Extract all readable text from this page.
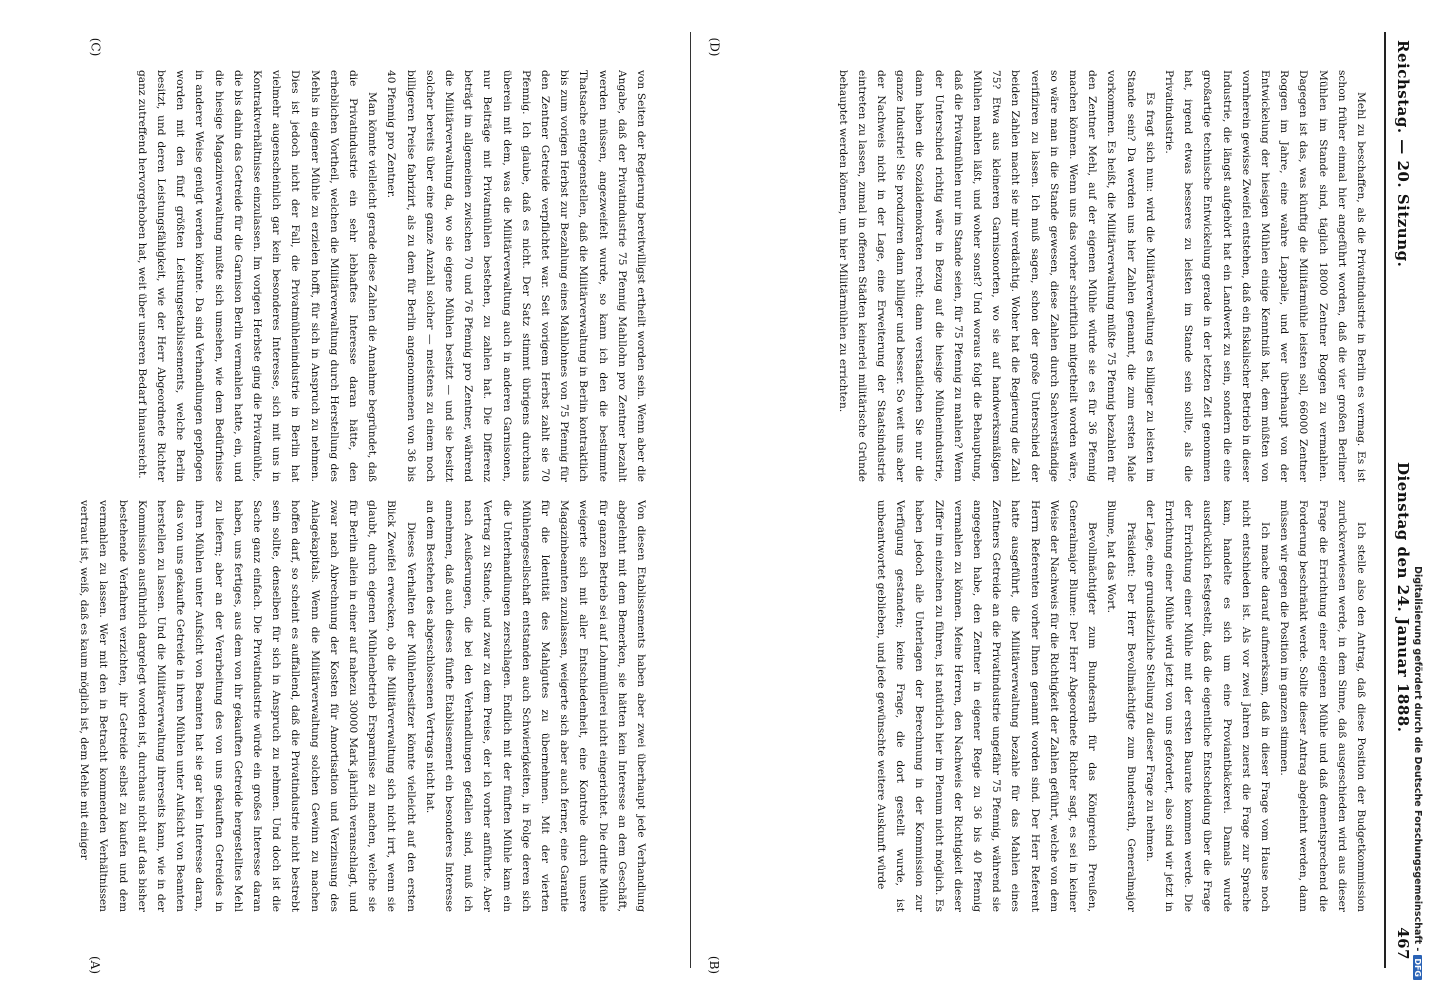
Reichstag. — 20. Sitzung.
Dienstag den 24. Januar 1888.
467

Mehl zu beschaffen, als die Privatindustrie in Berlin es vermag. Es ist schon früher einmal hier angeführt worden, daß die vier großen Berliner Mühlen im Stande sind, täglich 18000 Zentner Roggen zu vermahlen. Dagegen ist das, was künftig die Militärmühle leisten soll, 66000 Zentner Roggen im Jahre, eine wahre Lappalie, und wer überhaupt von der Entwickelung der hiesigen Mühlen einige Kenntniß hat, dem müßten von vornherein gewisse Zweifel entstehen, daß ein fiskalischer Betrieb in dieser Industrie, die längst aufgehört hat ein Landwerk zu sein, sondern die eine großartige technische Entwickelung gerade in der letzten Zeit genommen hat, irgend etwas besseres zu leisten im Stande sein sollte, als die Privatindustrie.

Es fragt sich nun: wird die Militärverwaltung es billiger zu leisten im Stande sein? Da werden uns hier Zahlen genannt, die zum ersten Male vorkommen. Es heißt, die Militärverwaltung müßte 75 Pfennig bezahlen für den Zentner Mehl, auf der eigenen Mühle würde sie es für 36 Pfennig machen können. Wenn uns das vorher schriftlich mitgetheilt worden wäre, so wäre man in die Stande gewesen, diese Zahlen durch Sachverständige verifiziren zu lassen. Ich muß sagen, schon der große Unterschied der beiden Zahlen macht sie mir verdächtig. Woher hat die Regierung die Zahl 75? Etwa aus kleineren Garnisonorten, wo sie auf handwerksmäßigen Mühlen mahlen läßt, und woher sonst? Und woraus folgt die Behauptung, daß die Privatmühlen nur im Stande seien, für 75 Pfennig zu mahlen? Wenn der Unterschied richtig wäre in Bezug auf die hiesige Mühlenindustrie, dann haben die Sozialdemokraten recht: dann verstaatlichen Sie nur die ganze Industrie! Sie produziren dann billiger und besser. So weit uns aber der Nachweis nicht in der Lage, eine Erweiterung der Staatsindustrie eintreten zu lassen, zumal in offenen Städten keinerlei militärische Gründe behauptet werden können, um hier Militärmühlen zu errichten.

Ich stelle also den Antrag, daß diese Position der Budgetkommission zurückverwiesen werde, in dem Sinne, daß ausgeschieden wird aus dieser Frage die Errichtung einer eigenen Mühle und daß dementsprechend die Forderung beschränkt werde. Sollte dieser Antrag abgelehnt werden, dann müssen wir gegen die Position im ganzen stimmen.

Ich mache darauf aufmerksam, daß in dieser Frage vom Hause noch nicht entschieden ist. Als vor zwei Jahren zuerst die Frage zur Sprache kam, handelte es sich um eine Proviantbäckerei. Damals wurde ausdrücklich festgestellt, daß die eigentliche Entscheidung über die Frage der Errichtung einer Mühle mit der ersten Baurate kommen werde. Die Errichtung einer Mühle wird jetzt von uns gefordert, also sind wir jetzt in der Lage, eine grundsätzliche Stellung zu dieser Frage zu nehmen.

Präsident: Der Herr Bevollmächtigte zum Bundesrath, Generalmajor Blume, hat das Wort.

Bevollmächtigter zum Bundesrath für das Königreich Preußen, Generalmajor Blume: Der Herr Abgeordnete Richter sagt, es sei in keiner Weise der Nachweis für die Richtigkeit der Zahlen geführt, welche von dem Herrn Referenten vorher Ihnen genannt worden sind. Der Herr Referent hatte ausgeführt, die Militärverwaltung bezahle für das Mahlen eines Zentners Getreide an die Privatindustrie ungefähr 75 Pfennig, während sie angegeben habe, den Zentner in eigener Regie zu 36 bis 40 Pfennig vermahlen zu können. Meine Herren, den Nachweis der Richtigkeit dieser Ziffer im einzelnen zu führen, ist natürlich hier im Plenum nicht möglich. Es haben jedoch alle Unterlagen der Berechnung in der Kommission zur Verfügung gestanden; keine Frage, die dort gestellt wurde, ist unbeantwortet geblieben, und jede gewünschte weitere Auskunft würde

von Seiten der Regierung bereitwilligst ertheilt worden sein. Wenn aber die Angabe, daß der Privatindustrie 75 Pfennig Mahllohn pro Zentner bezahlt werden müssen, angezweifelt wurde, so kann ich den die bestimmte Thatsache entgegenstellen, daß die Militärverwaltung in Berlin kontraktlich bis zum vorigen Herbst zur Bezahlung eines Mahllohnes von 75 Pfennig für den Zentner Getreide verpflichtet war. Seit vorigem Herbst zahlt sie 70 Pfennig. Ich glaube, daß es nicht. Der Satz stimmt übrigens durchaus überein mit dem, was die Militärverwaltung auch in anderen Garnisonen, nur Beiträge mit Privatmühlen bestehen, zu zahlen hat. Die Differenz beträgt im allgemeinen zwischen 70 und 76 Pfennig pro Zentner, während die Militärverwaltung da, wo sie eigene Mühlen besitzt — und sie besitzt solcher bereits über eine ganze Anzahl solcher — meistens zu einem noch billigeren Preise fabrizirt, als zu dem für Berlin angenommenen von 36 bis 40 Pfennig pro Zentner.

Man könnte vielleicht gerade diese Zahlen die Annahme begründet, daß die Privatindustrie ein sehr lebhaftes Interesse daran hätte, den erheblichen Vortheil, welchen die Militärverwaltung durch Herstellung des Mehls in eigener Mühle zu erzielen hofft, für sich in Anspruch zu nehmen. Dies ist jedoch nicht der Fall, die Privatmühlenindustrie in Berlin hat vielmehr augenscheinlich gar kein besonderes Interesse, sich mit uns in Kontraktverhältnisse einzulassen. Im vorigen Herbste ging die Privatmühle, die bis dahin das Getreide für die Garnison Berlin vermahlen hatte, ein, und die hiesige Magazinverwaltung mußte sich umsehen, wie dem Bedürfnisse in anderer Weise genügt werden könnte. Da sind Verhandlungen gepflogen worden mit den fünf größten Leistungsetablissements, welche Berlin besitzt, und deren Leistungsfähigkeit, wie der Herr Abgeordnete Richter ganz zutreffend hervorgehoben hat, weit über unseren Bedarf hinausreicht.

Von diesen Etablissements haben aber zwei überhaupt jede Verhandlung abgelehnt mit dem Bemerken, sie hätten kein Interesse an dem Geschäft, für ganzen Betrieb sei auf Lohnmüllerei nicht eingerichtet. Die dritte Mühle weigerte sich mit aller Entschiedenheit, eine Kontrole durch unsere Magazinbeamten zuzulassen, weigerte sich aber auch ferner, eine Garantie für die Identität des Mahlgutes zu übernehmen. Mit der vierten Mühlengesellschaft entstanden auch Schwierigkeiten, in Folge deren sich die Unterhandlungen zerschlagen. Endlich mit der fünften Mühle kam ein Vertrag zu Stande, und zwar zu dem Preise, der ich vorher anführte. Aber nach Aeußerungen, die bei den Verhandlungen gefallen sind, muß ich annehmen, daß auch dieses fünfte Etablissement ein besonderes Interesse an dem Bestehen des abgeschlossenen Vertrags nicht hat.

Dieses Verhalten der Mühlenbesitzer könnte vielleicht auf den ersten Blick Zweifel erwecken, ob die Militärverwaltung sich nicht irrt, wenn sie glaubt, durch eigenen Mühlenbetrieb Ersparnisse zu machen, welche sie für Berlin allein in einer auf nahezu 30000 Mark jährlich veranschlagt, und zwar nach Abrechnung der Kosten für Amortisation und Verzinsung des Anlagekapitals. Wenn die Militärverwaltung solchen Gewinn zu machen hoffen darf, so scheint es auffallend, daß die Privatindustrie nicht bestrebt sein sollte, denselben für sich in Anspruch zu nehmen. Und doch ist die Sache ganz einfach. Die Privatindustrie würde ein großes Interesse daran haben, uns fertiges, aus dem von ihr gekauften Getreide hergestelltes Mehl zu liefern; aber an der Verarbeitung des von uns gekauften Getreides in ihren Mühlen unter Aufsicht von Beamten hat sie gar kein Interesse daran, das von uns gekaufte Getreide in ihren Mühlen unter Aufsicht von Beamten herstellen zu lassen. Und die Militärverwaltung ihrerseits kann, wie in der Kommission ausführlich dargelegt worden ist, durchaus nicht auf das bisher bestehende Verfahren verzichten, ihr Getreide selbst zu kaufen und dem vermahlen zu lassen. Wer mit den in Betracht kommenden Verhältnissen vertraut ist, weiß, daß es kaum möglich ist, dem Mehle mit einiger

(A)	(B)
(C)	(D)
Digitalisierung gefördert durch die Deutsche Forschungsgemeinschaft -
DFG
